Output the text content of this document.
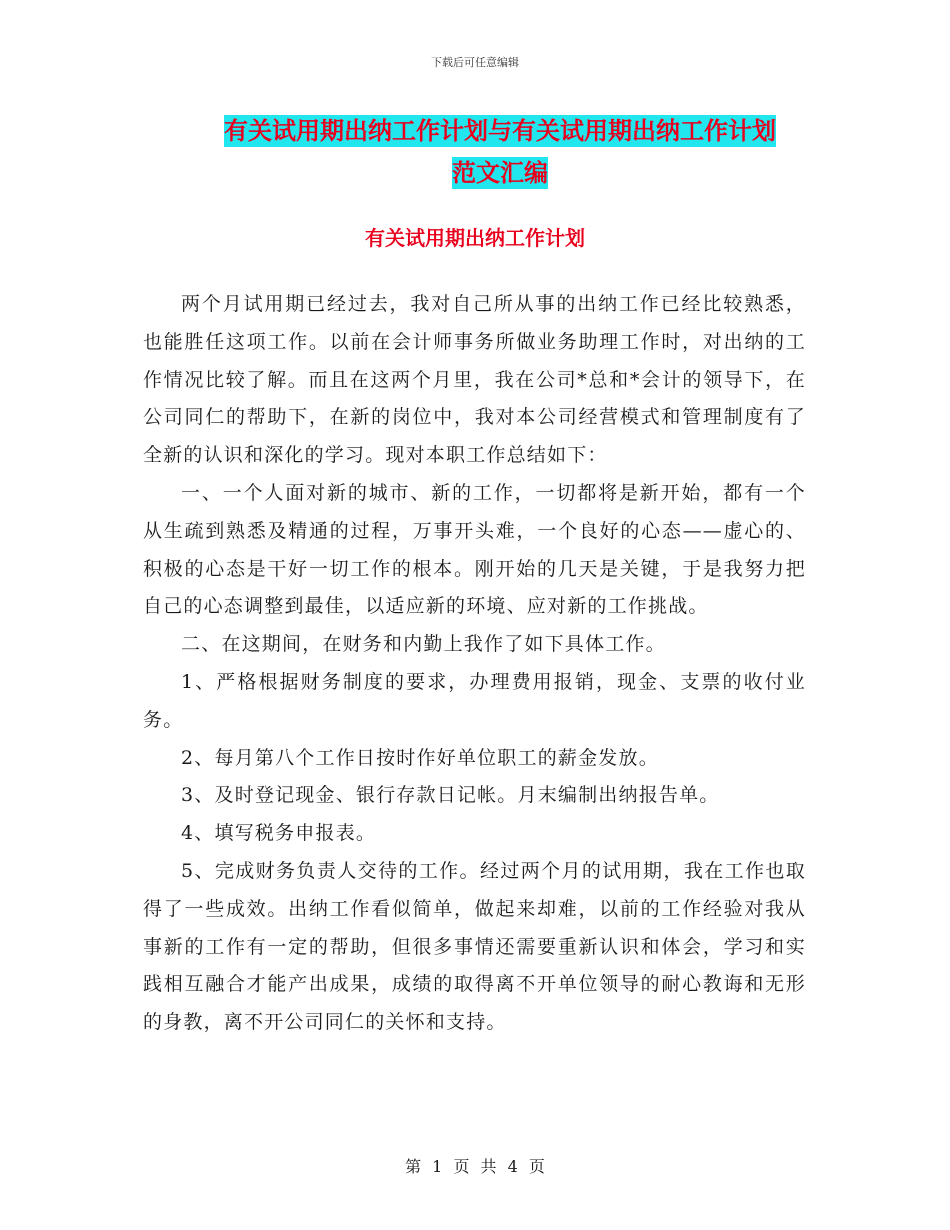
下载后可任意编辑
有关试用期出纳工作计划与有关试用期出纳工作计划
范文汇编
有关试用期出纳工作计划

两个月试用期已经过去，我对自己所从事的出纳工作已经比较熟悉，也能胜任这项工作。以前在会计师事务所做业务助理工作时，对出纳的工作情况比较了解。而且在这两个月里，我在公司*总和*会计的领导下，在公司同仁的帮助下，在新的岗位中，我对本公司经营模式和管理制度有了全新的认识和深化的学习。现对本职工作总结如下：

一、一个人面对新的城市、新的工作，一切都将是新开始，都有一个从生疏到熟悉及精通的过程，万事开头难，一个良好的心态——虚心的、积极的心态是干好一切工作的根本。刚开始的几天是关键，于是我努力把自己的心态调整到最佳，以适应新的环境、应对新的工作挑战。

二、在这期间，在财务和内勤上我作了如下具体工作。

1、严格根据财务制度的要求，办理费用报销，现金、支票的收付业务。

2、每月第八个工作日按时作好单位职工的薪金发放。

3、及时登记现金、银行存款日记帐。月末编制出纳报告单。

4、填写税务申报表。

5、完成财务负责人交待的工作。经过两个月的试用期，我在工作也取得了一些成效。出纳工作看似简单，做起来却难，以前的工作经验对我从事新的工作有一定的帮助，但很多事情还需要重新认识和体会，学习和实践相互融合才能产出成果，成绩的取得离不开单位领导的耐心教诲和无形的身教，离不开公司同仁的关怀和支持。

第 1 页 共 4 页
